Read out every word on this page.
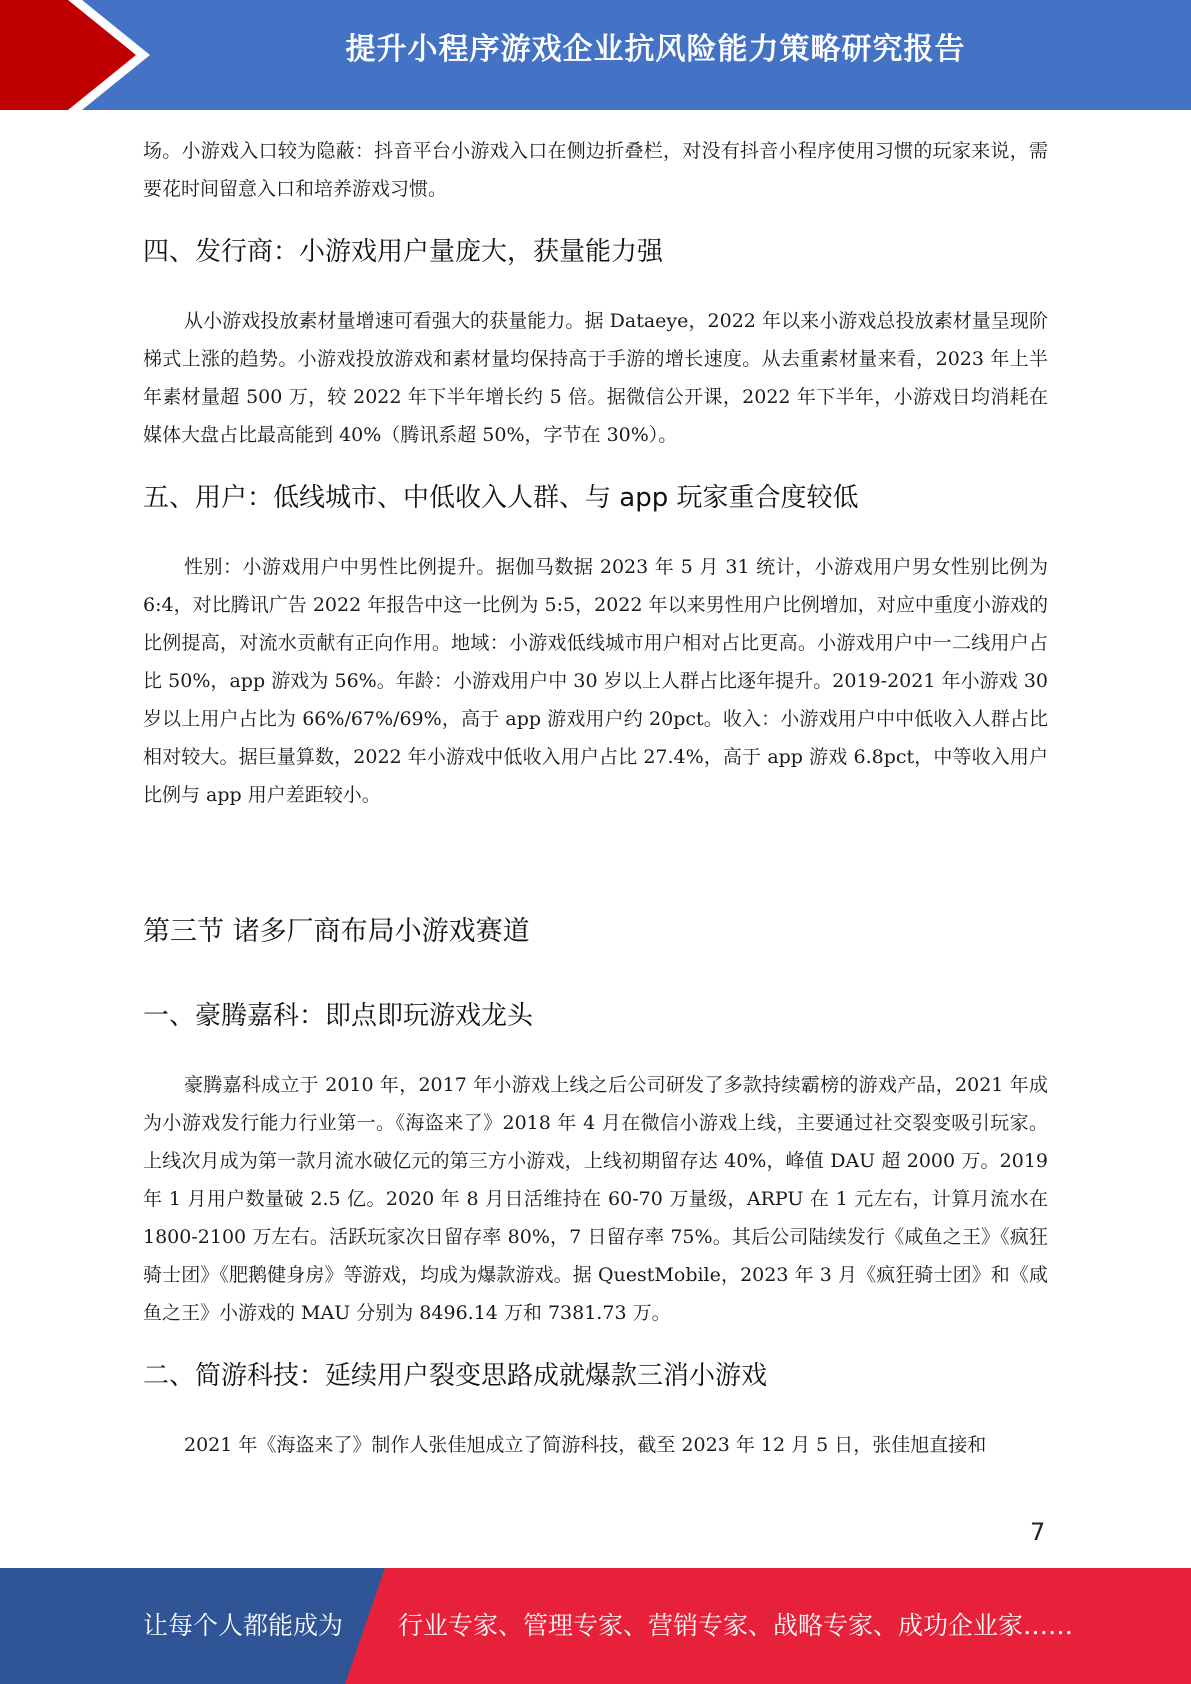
提升小程序游戏企业抗风险能力策略研究报告

场。小游戏入口较为隐蔽：抖音平台小游戏入口在侧边折叠栏，对没有抖音小程序使用习惯的玩家来说，需要花时间留意入口和培养游戏习惯。

四、发行商：小游戏用户量庞大，获量能力强

从小游戏投放素材量增速可看强大的获量能力。据 Dataeye，2022 年以来小游戏总投放素材量呈现阶梯式上涨的趋势。小游戏投放游戏和素材量均保持高于手游的增长速度。从去重素材量来看，2023 年上半年素材量超 500 万，较 2022 年下半年增长约 5 倍。据微信公开课，2022 年下半年，小游戏日均消耗在媒体大盘占比最高能到 40%（腾讯系超 50%，字节在 30%）。

五、用户：低线城市、中低收入人群、与 app 玩家重合度较低

性别：小游戏用户中男性比例提升。据伽马数据 2023 年 5 月 31 统计，小游戏用户男女性别比例为 6:4，对比腾讯广告 2022 年报告中这一比例为 5:5，2022 年以来男性用户比例增加，对应中重度小游戏的比例提高，对流水贡献有正向作用。地域：小游戏低线城市用户相对占比更高。小游戏用户中一二线用户占比 50%，app 游戏为 56%。年龄：小游戏用户中 30 岁以上人群占比逐年提升。2019-2021 年小游戏 30 岁以上用户占比为 66%/67%/69%，高于 app 游戏用户约 20pct。收入：小游戏用户中中低收入人群占比相对较大。据巨量算数，2022 年小游戏中低收入用户占比 27.4%，高于 app 游戏 6.8pct，中等收入用户比例与 app 用户差距较小。

第三节 诸多厂商布局小游戏赛道
一、豪腾嘉科：即点即玩游戏龙头

豪腾嘉科成立于 2010 年，2017 年小游戏上线之后公司研发了多款持续霸榜的游戏产品，2021 年成为小游戏发行能力行业第一。《海盗来了》2018 年 4 月在微信小游戏上线，主要通过社交裂变吸引玩家。上线次月成为第一款月流水破亿元的第三方小游戏，上线初期留存达 40%，峰值 DAU 超 2000 万。2019 年 1 月用户数量破 2.5 亿。2020 年 8 月日活维持在 60-70 万量级，ARPU 在 1 元左右，计算月流水在 1800-2100 万左右。活跃玩家次日留存率 80%，7 日留存率 75%。其后公司陆续发行《咸鱼之王》《疯狂骑士团》《肥鹅健身房》等游戏，均成为爆款游戏。据 QuestMobile，2023 年 3 月《疯狂骑士团》和《咸鱼之王》小游戏的 MAU 分别为 8496.14 万和 7381.73 万。

二、简游科技：延续用户裂变思路成就爆款三消小游戏

2021 年《海盗来了》制作人张佳旭成立了简游科技，截至 2023 年 12 月 5 日，张佳旭直接和

7
让每个人都能成为 行业专家、管理专家、营销专家、战略专家、成功企业家……
